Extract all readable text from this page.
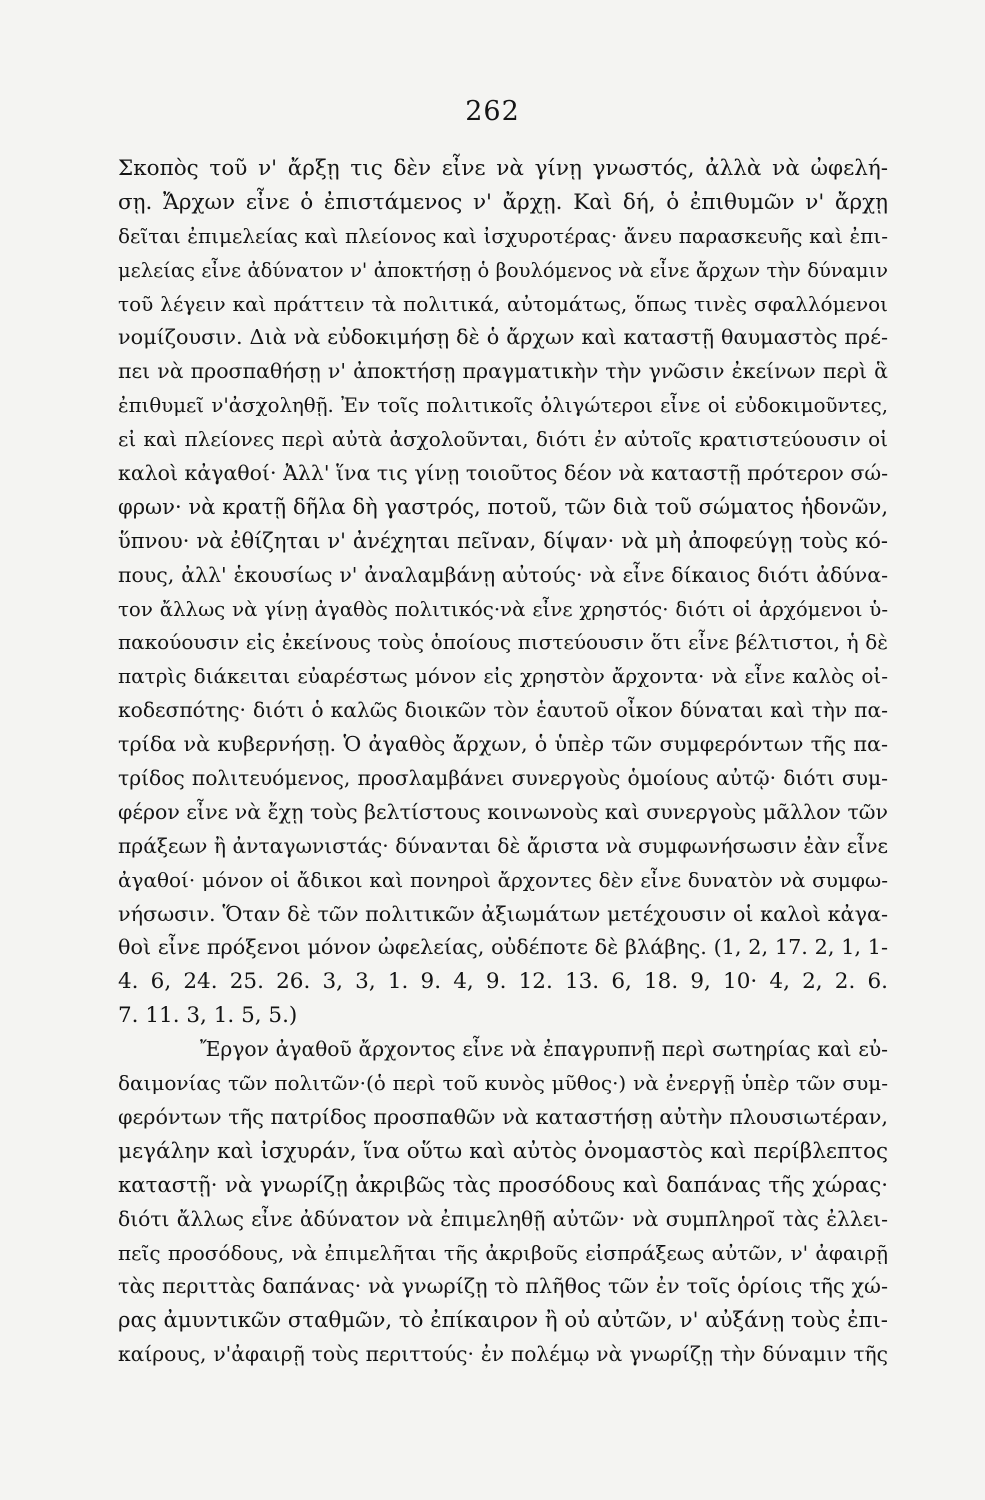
262
Σκοπὸς τοῦ ν' ἄρξῃ τις δὲν εἶνε νὰ γίνῃ γνωστός, ἀλλὰ νὰ ὠφελή-
σῃ. Ἄρχων εἶνε ὁ ἐπιστάμενος ν' ἄρχῃ. Καὶ δή, ὁ ἐπιθυμῶν ν' ἄρχῃ
δεῖται ἐπιμελείας καὶ πλείονος καὶ ἰσχυροτέρας· ἄνευ παρασκευῆς καὶ ἐπι-
μελείας εἶνε ἀδύνατον ν' ἀποκτήσῃ ὁ βουλόμενος νὰ εἶνε ἄρχων τὴν δύναμιν
τοῦ λέγειν καὶ πράττειν τὰ πολιτικά, αὐτομάτως, ὅπως τινὲς σφαλλόμενοι
νομίζουσιν. Διὰ νὰ εὐδοκιμήσῃ δὲ ὁ ἄρχων καὶ καταστῇ θαυμαστὸς πρέ-
πει νὰ προσπαθήσῃ ν' ἀποκτήσῃ πραγματικὴν τὴν γνῶσιν ἐκείνων περὶ ἃ
ἐπιθυμεῖ ν'ἀσχοληθῇ. Ἐν τοῖς πολιτικοῖς ὀλιγώτεροι εἶνε οἱ εὐδοκιμοῦντες,
εἰ καὶ πλείονες περὶ αὐτὰ ἀσχολοῦνται, διότι ἐν αὐτοῖς κρατιστεύουσιν οἱ
καλοὶ κἀγαθοί· Ἀλλ' ἵνα τις γίνῃ τοιοῦτος δέον νὰ καταστῇ πρότερον σώ-
φρων· νὰ κρατῇ δῆλα δὴ γαστρός, ποτοῦ, τῶν διὰ τοῦ σώματος ἡδονῶν,
ὕπνου· νὰ ἐθίζηται ν' ἀνέχηται πεῖναν, δίψαν· νὰ μὴ ἀποφεύγῃ τοὺς κό-
πους, ἀλλ' ἑκουσίως ν' ἀναλαμβάνῃ αὐτούς· νὰ εἶνε δίκαιος διότι ἀδύνα-
τον ἄλλως νὰ γίνῃ ἀγαθὸς πολιτικός·νὰ εἶνε χρηστός· διότι οἱ ἀρχόμενοι ὑ-
πακούουσιν εἰς ἐκείνους τοὺς ὁποίους πιστεύουσιν ὅτι εἶνε βέλτιστοι, ἡ δὲ
πατρὶς διάκειται εὐαρέστως μόνον εἰς χρηστὸν ἄρχοντα· νὰ εἶνε καλὸς οἰ-
κοδεσπότης· διότι ὁ καλῶς διοικῶν τὸν ἑαυτοῦ οἶκον δύναται καὶ τὴν πα-
τρίδα νὰ κυβερνήσῃ. Ὁ ἀγαθὸς ἄρχων, ὁ ὑπὲρ τῶν συμφερόντων τῆς πα-
τρίδος πολιτευόμενος, προσλαμβάνει συνεργοὺς ὁμοίους αὐτῷ· διότι συμ-
φέρον εἶνε νὰ ἔχῃ τοὺς βελτίστους κοινωνοὺς καὶ συνεργοὺς μᾶλλον τῶν
πράξεων ἢ ἀνταγωνιστάς· δύνανται δὲ ἄριστα νὰ συμφωνήσωσιν ἐὰν εἶνε
ἀγαθοί· μόνον οἱ ἄδικοι καὶ πονηροὶ ἄρχοντες δὲν εἶνε δυνατὸν νὰ συμφω-
νήσωσιν. Ὅταν δὲ τῶν πολιτικῶν ἀξιωμάτων μετέχουσιν οἱ καλοὶ κἀγα-
θοὶ εἶνε πρόξενοι μόνον ὠφελείας, οὐδέποτε δὲ βλάβης. (1, 2, 17. 2, 1, 1-
4. 6, 24. 25. 26. 3, 3, 1. 9. 4, 9. 12. 13. 6, 18. 9, 10· 4, 2, 2. 6.
7. 11. 3, 1. 5, 5.)
Ἔργον ἀγαθοῦ ἄρχοντος εἶνε νὰ ἐπαγρυπνῇ περὶ σωτηρίας καὶ εὐ-
δαιμονίας τῶν πολιτῶν·(ὁ περὶ τοῦ κυνὸς μῦθος·) νὰ ἐνεργῇ ὑπὲρ τῶν συμ-
φερόντων τῆς πατρίδος προσπαθῶν νὰ καταστήσῃ αὐτὴν πλουσιωτέραν,
μεγάλην καὶ ἰσχυράν, ἵνα οὕτω καὶ αὐτὸς ὀνομαστὸς καὶ περίβλεπτος
καταστῇ· νὰ γνωρίζῃ ἀκριβῶς τὰς προσόδους καὶ δαπάνας τῆς χώρας·
διότι ἄλλως εἶνε ἀδύνατον νὰ ἐπιμεληθῇ αὐτῶν· νὰ συμπληροῖ τὰς ἐλλει-
πεῖς προσόδους, νὰ ἐπιμελῆται τῆς ἀκριβοῦς εἰσπράξεως αὐτῶν, ν' ἀφαιρῇ
τὰς περιττὰς δαπάνας· νὰ γνωρίζῃ τὸ πλῆθος τῶν ἐν τοῖς ὁρίοις τῆς χώ-
ρας ἀμυντικῶν σταθμῶν, τὸ ἐπίκαιρον ἢ οὐ αὐτῶν, ν' αὐξάνῃ τοὺς ἐπι-
καίρους, ν'ἀφαιρῇ τοὺς περιττούς· ἐν πολέμῳ νὰ γνωρίζῃ τὴν δύναμιν τῆς
